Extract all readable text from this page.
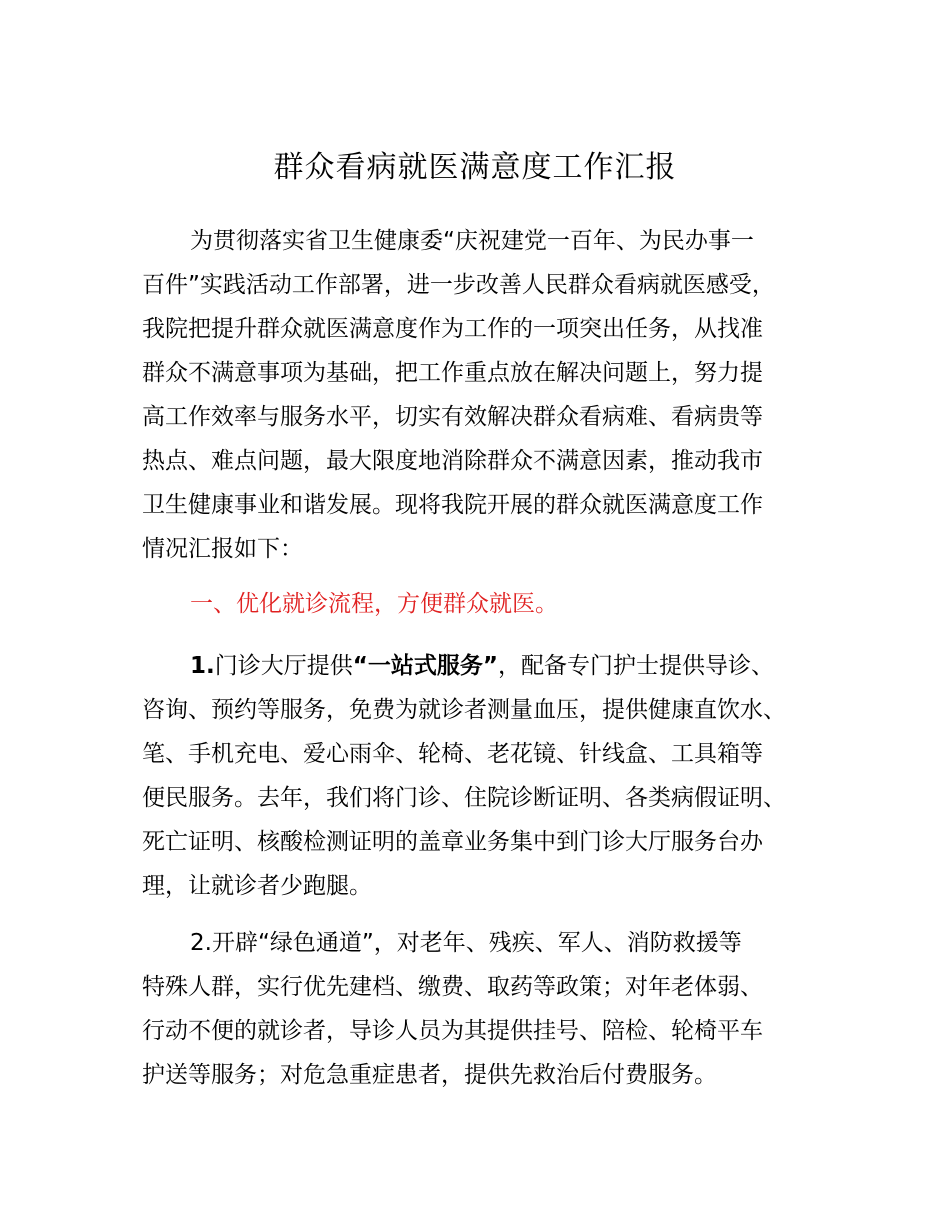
群众看病就医满意度工作汇报
为贯彻落实省卫生健康委“庆祝建党一百年、为民办事一
百件”实践活动工作部署，进一步改善人民群众看病就医感受，
我院把提升群众就医满意度作为工作的一项突出任务，从找准
群众不满意事项为基础，把工作重点放在解决问题上，努力提
高工作效率与服务水平，切实有效解决群众看病难、看病贵等
热点、难点问题，最大限度地消除群众不满意因素，推动我市
卫生健康事业和谐发展。现将我院开展的群众就医满意度工作
情况汇报如下：
一、优化就诊流程，方便群众就医。
1.门诊大厅提供“一站式服务”，配备专门护士提供导诊、
咨询、预约等服务，免费为就诊者测量血压，提供健康直饮水、
笔、手机充电、爱心雨伞、轮椅、老花镜、针线盒、工具箱等
便民服务。去年，我们将门诊、住院诊断证明、各类病假证明、
死亡证明、核酸检测证明的盖章业务集中到门诊大厅服务台办
理，让就诊者少跑腿。
2.开辟“绿色通道”，对老年、残疾、军人、消防救援等
特殊人群，实行优先建档、缴费、取药等政策；对年老体弱、
行动不便的就诊者，导诊人员为其提供挂号、陪检、轮椅平车
护送等服务；对危急重症患者，提供先救治后付费服务。
